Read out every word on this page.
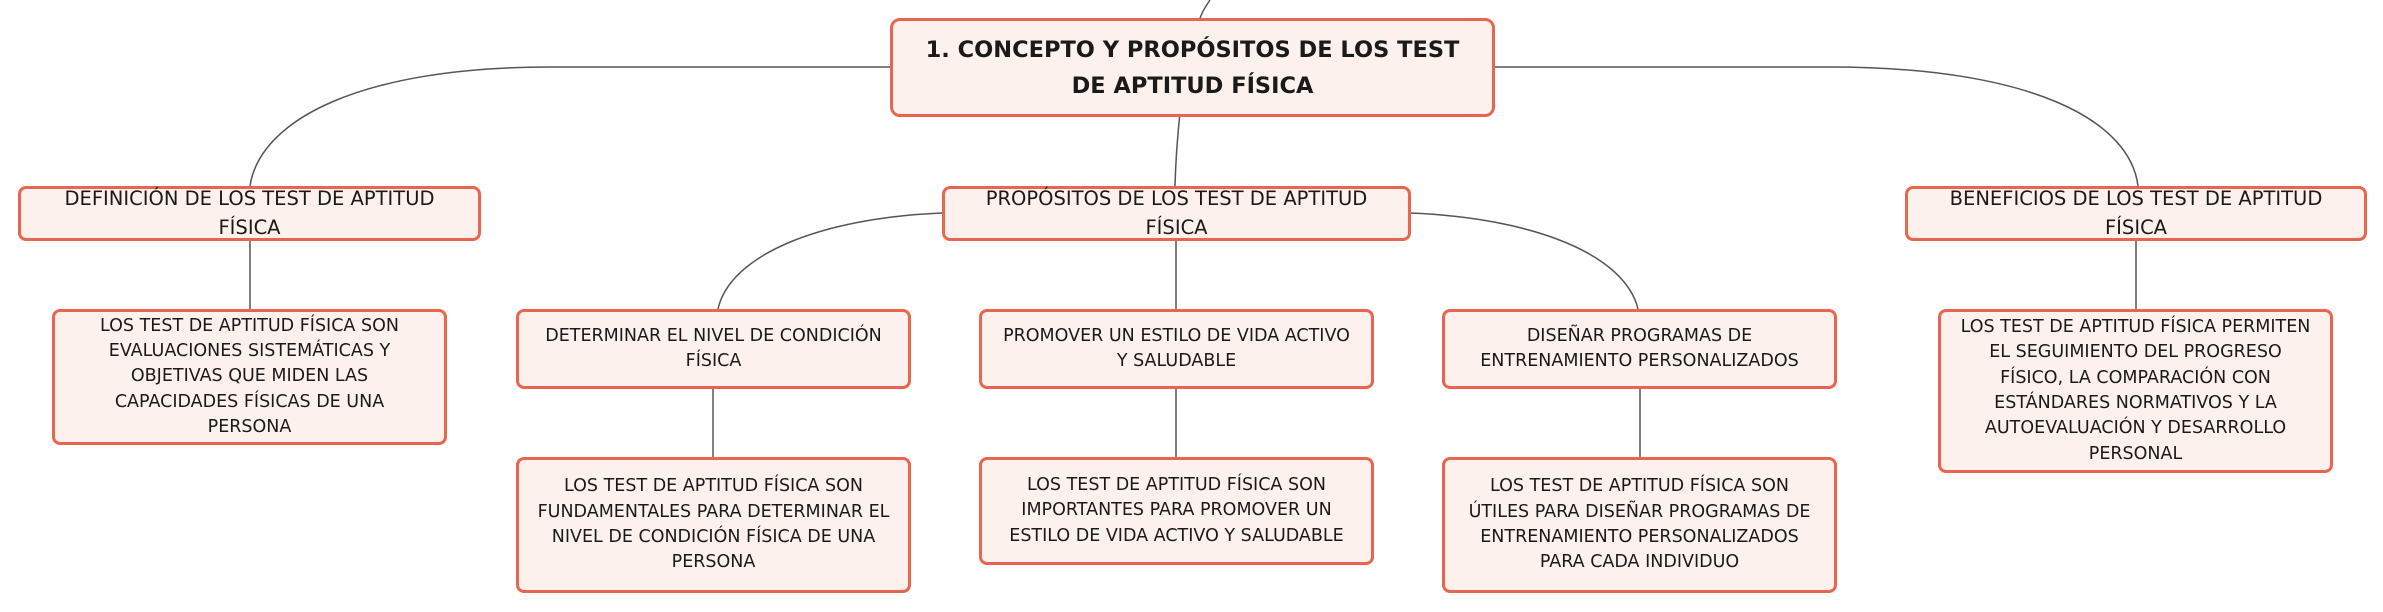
1. CONCEPTO Y PROPÓSITOS DE LOS TEST DE APTITUD FÍSICA
DEFINICIÓN DE LOS TEST DE APTITUD FÍSICA
PROPÓSITOS DE LOS TEST DE APTITUD FÍSICA
BENEFICIOS DE LOS TEST DE APTITUD FÍSICA
LOS TEST DE APTITUD FÍSICA SON EVALUACIONES SISTEMÁTICAS Y OBJETIVAS QUE MIDEN LAS CAPACIDADES FÍSICAS DE UNA PERSONA
DETERMINAR EL NIVEL DE CONDICIÓN FÍSICA
PROMOVER UN ESTILO DE VIDA ACTIVO Y SALUDABLE
DISEÑAR PROGRAMAS DE ENTRENAMIENTO PERSONALIZADOS
LOS TEST DE APTITUD FÍSICA SON FUNDAMENTALES PARA DETERMINAR EL NIVEL DE CONDICIÓN FÍSICA DE UNA PERSONA
LOS TEST DE APTITUD FÍSICA SON IMPORTANTES PARA PROMOVER UN ESTILO DE VIDA ACTIVO Y SALUDABLE
LOS TEST DE APTITUD FÍSICA SON ÚTILES PARA DISEÑAR PROGRAMAS DE ENTRENAMIENTO PERSONALIZADOS PARA CADA INDIVIDUO
LOS TEST DE APTITUD FÍSICA PERMITEN EL SEGUIMIENTO DEL PROGRESO FÍSICO, LA COMPARACIÓN CON ESTÁNDARES NORMATIVOS Y LA AUTOEVALUACIÓN Y DESARROLLO PERSONAL
